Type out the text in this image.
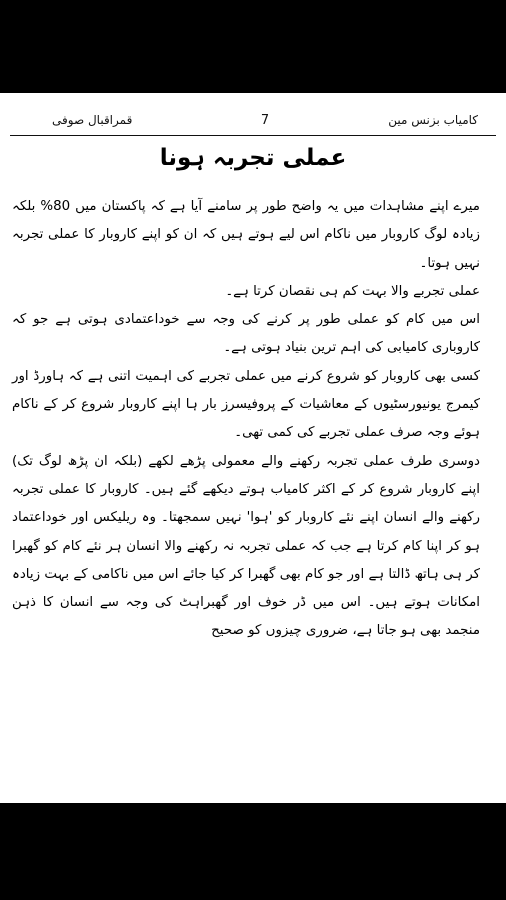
کامیاب بزنس مین
7
قمراقبال صوفی
عملی تجربہ ہونا

میرے اپنے مشاہدات میں یہ واضح طور پر سامنے آیا ہے کہ پاکستان میں 80% بلکہ زیادہ لوگ کاروبار میں ناکام اس لیے ہوتے ہیں کہ ان کو اپنے کاروبار کا عملی تجربہ نہیں ہوتا۔

عملی تجربے والا بہت کم ہی نقصان کرتا ہے۔

اس میں کام کو عملی طور پر کرنے کی وجہ سے خوداعتمادی ہوتی ہے جو کہ کاروباری کامیابی کی اہم ترین بنیاد ہوتی ہے۔

کسی بھی کاروبار کو شروع کرنے میں عملی تجربے کی اہمیت اتنی ہے کہ ہاورڈ اور کیمرج یونیورسٹیوں کے معاشیات کے پروفیسرز بار ہا اپنے کاروبار شروع کر کے ناکام ہوئے وجہ صرف عملی تجربے کی کمی تھی۔

دوسری طرف عملی تجربہ رکھنے والے معمولی پڑھے لکھے (بلکہ ان پڑھ لوگ تک) اپنے کاروبار شروع کر کے اکثر کامیاب ہوتے دیکھے گئے ہیں۔ کاروبار کا عملی تجربہ رکھنے والے انسان اپنے نئے کاروبار کو 'ہوا' نہیں سمجھتا۔ وہ ریلیکس اور خوداعتماد ہو کر اپنا کام کرتا ہے جب کہ عملی تجربہ نہ رکھنے والا انسان ہر نئے کام کو گھبرا کر ہی ہاتھ ڈالتا ہے اور جو کام بھی گھبرا کر کیا جائے اس میں ناکامی کے بہت زیادہ امکانات ہوتے ہیں۔ اس میں ڈر خوف اور گھبراہٹ کی وجہ سے انسان کا ذہن منجمد بھی ہو جاتا ہے، ضروری چیزوں کو صحیح
